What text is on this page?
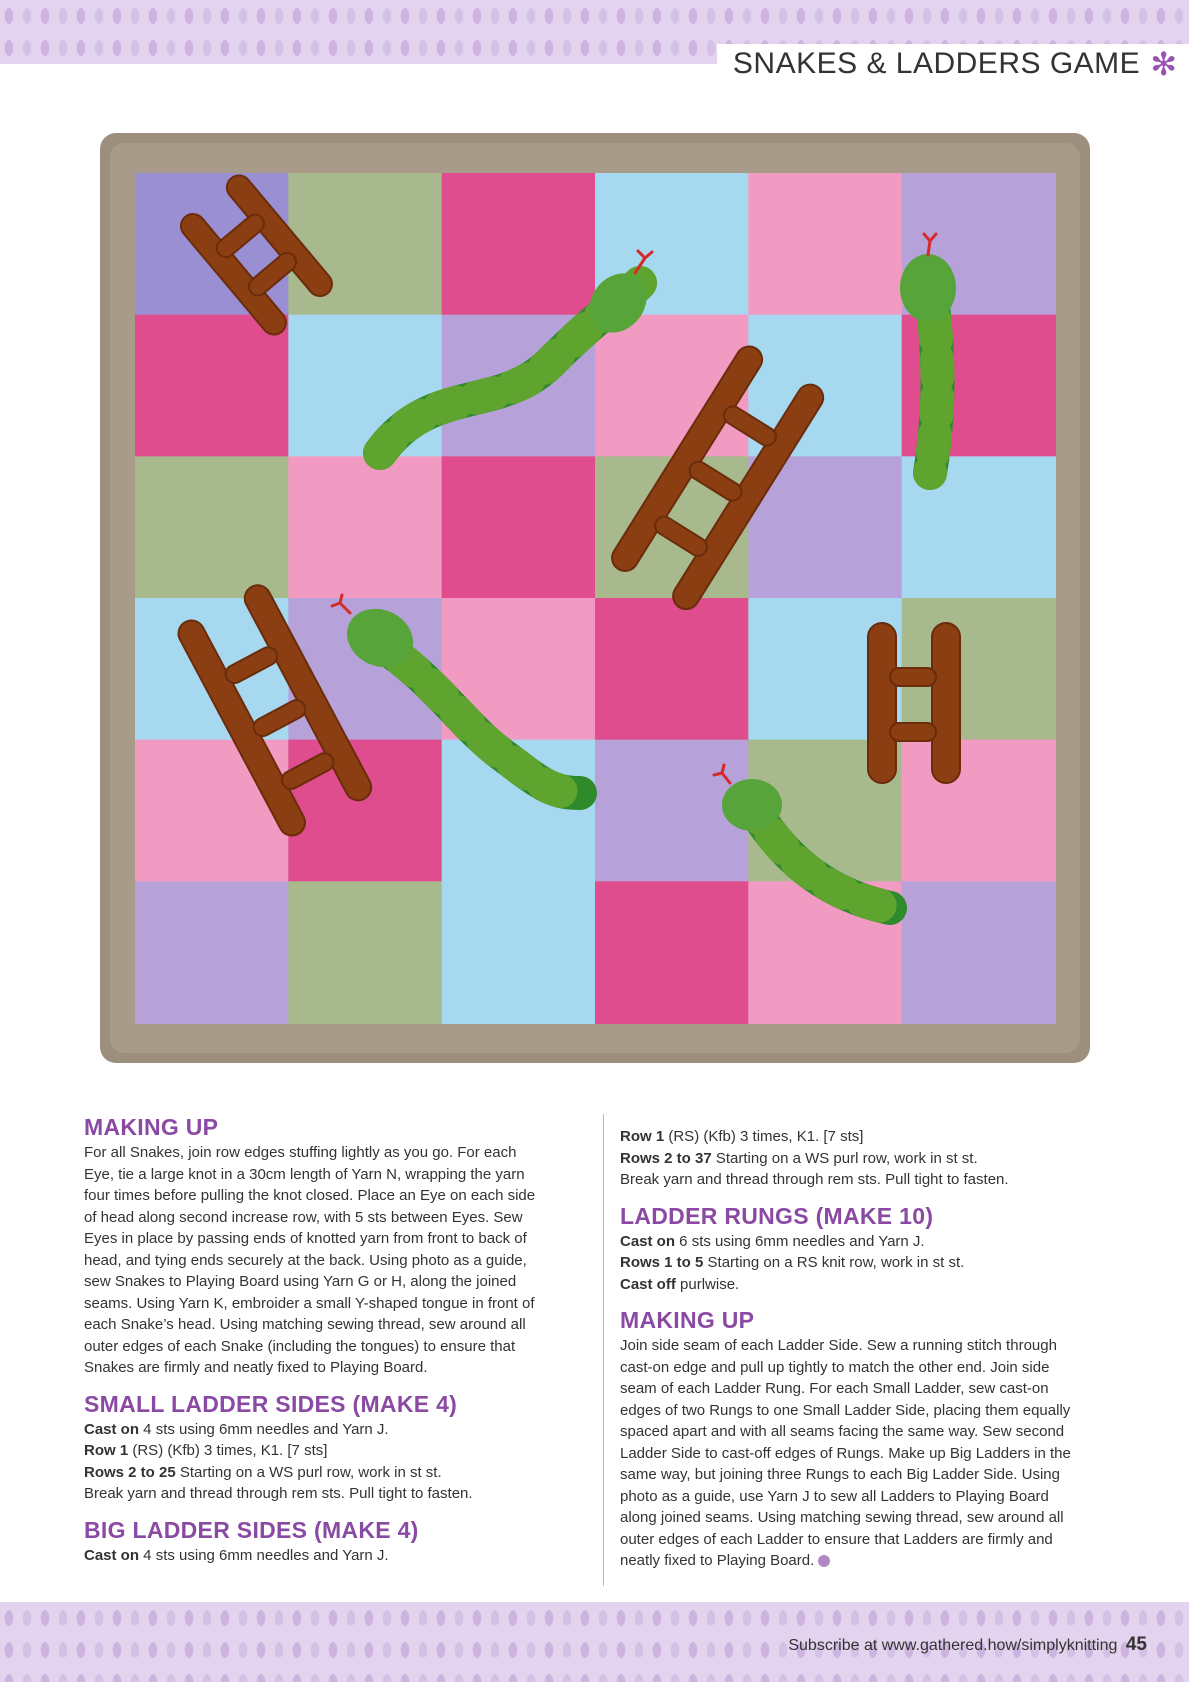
SNAKES & LADDERS GAME ✻
MAKING UP

For all Snakes, join row edges stuffing lightly as you go. For each

Eye, tie a large knot in a 30cm length of Yarn N, wrapping the yarn

four times before pulling the knot closed. Place an Eye on each side

of head along second increase row, with 5 sts between Eyes. Sew

Eyes in place by passing ends of knotted yarn from front to back of

head, and tying ends securely at the back. Using photo as a guide,

sew Snakes to Playing Board using Yarn G or H, along the joined

seams. Using Yarn K, embroider a small Y-shaped tongue in front of

each Snake’s head. Using matching sewing thread, sew around all

outer edges of each Snake (including the tongues) to ensure that

Snakes are firmly and neatly fixed to Playing Board.

SMALL LADDER SIDES (MAKE 4)

Cast on 4 sts using 6mm needles and Yarn J.

Row 1 (RS) (Kfb) 3 times, K1. [7 sts]

Rows 2 to 25 Starting on a WS purl row, work in st st.

Break yarn and thread through rem sts. Pull tight to fasten.

BIG LADDER SIDES (MAKE 4)

Cast on 4 sts using 6mm needles and Yarn J.

Row 1 (RS) (Kfb) 3 times, K1. [7 sts]

Rows 2 to 37 Starting on a WS purl row, work in st st.

Break yarn and thread through rem sts. Pull tight to fasten.

LADDER RUNGS (MAKE 10)

Cast on 6 sts using 6mm needles and Yarn J.

Rows 1 to 5 Starting on a RS knit row, work in st st.

Cast off purlwise.

MAKING UP

Join side seam of each Ladder Side. Sew a running stitch through

cast-on edge and pull up tightly to match the other end. Join side

seam of each Ladder Rung. For each Small Ladder, sew cast-on

edges of two Rungs to one Small Ladder Side, placing them equally

spaced apart and with all seams facing the same way. Sew second

Ladder Side to cast-off edges of Rungs. Make up Big Ladders in the

same way, but joining three Rungs to each Big Ladder Side. Using

photo as a guide, use Yarn J to sew all Ladders to Playing Board

along joined seams. Using matching sewing thread, sew around all

outer edges of each Ladder to ensure that Ladders are firmly and

neatly fixed to Playing Board.

Subscribe at www.gathered.how/simplyknitting 45
